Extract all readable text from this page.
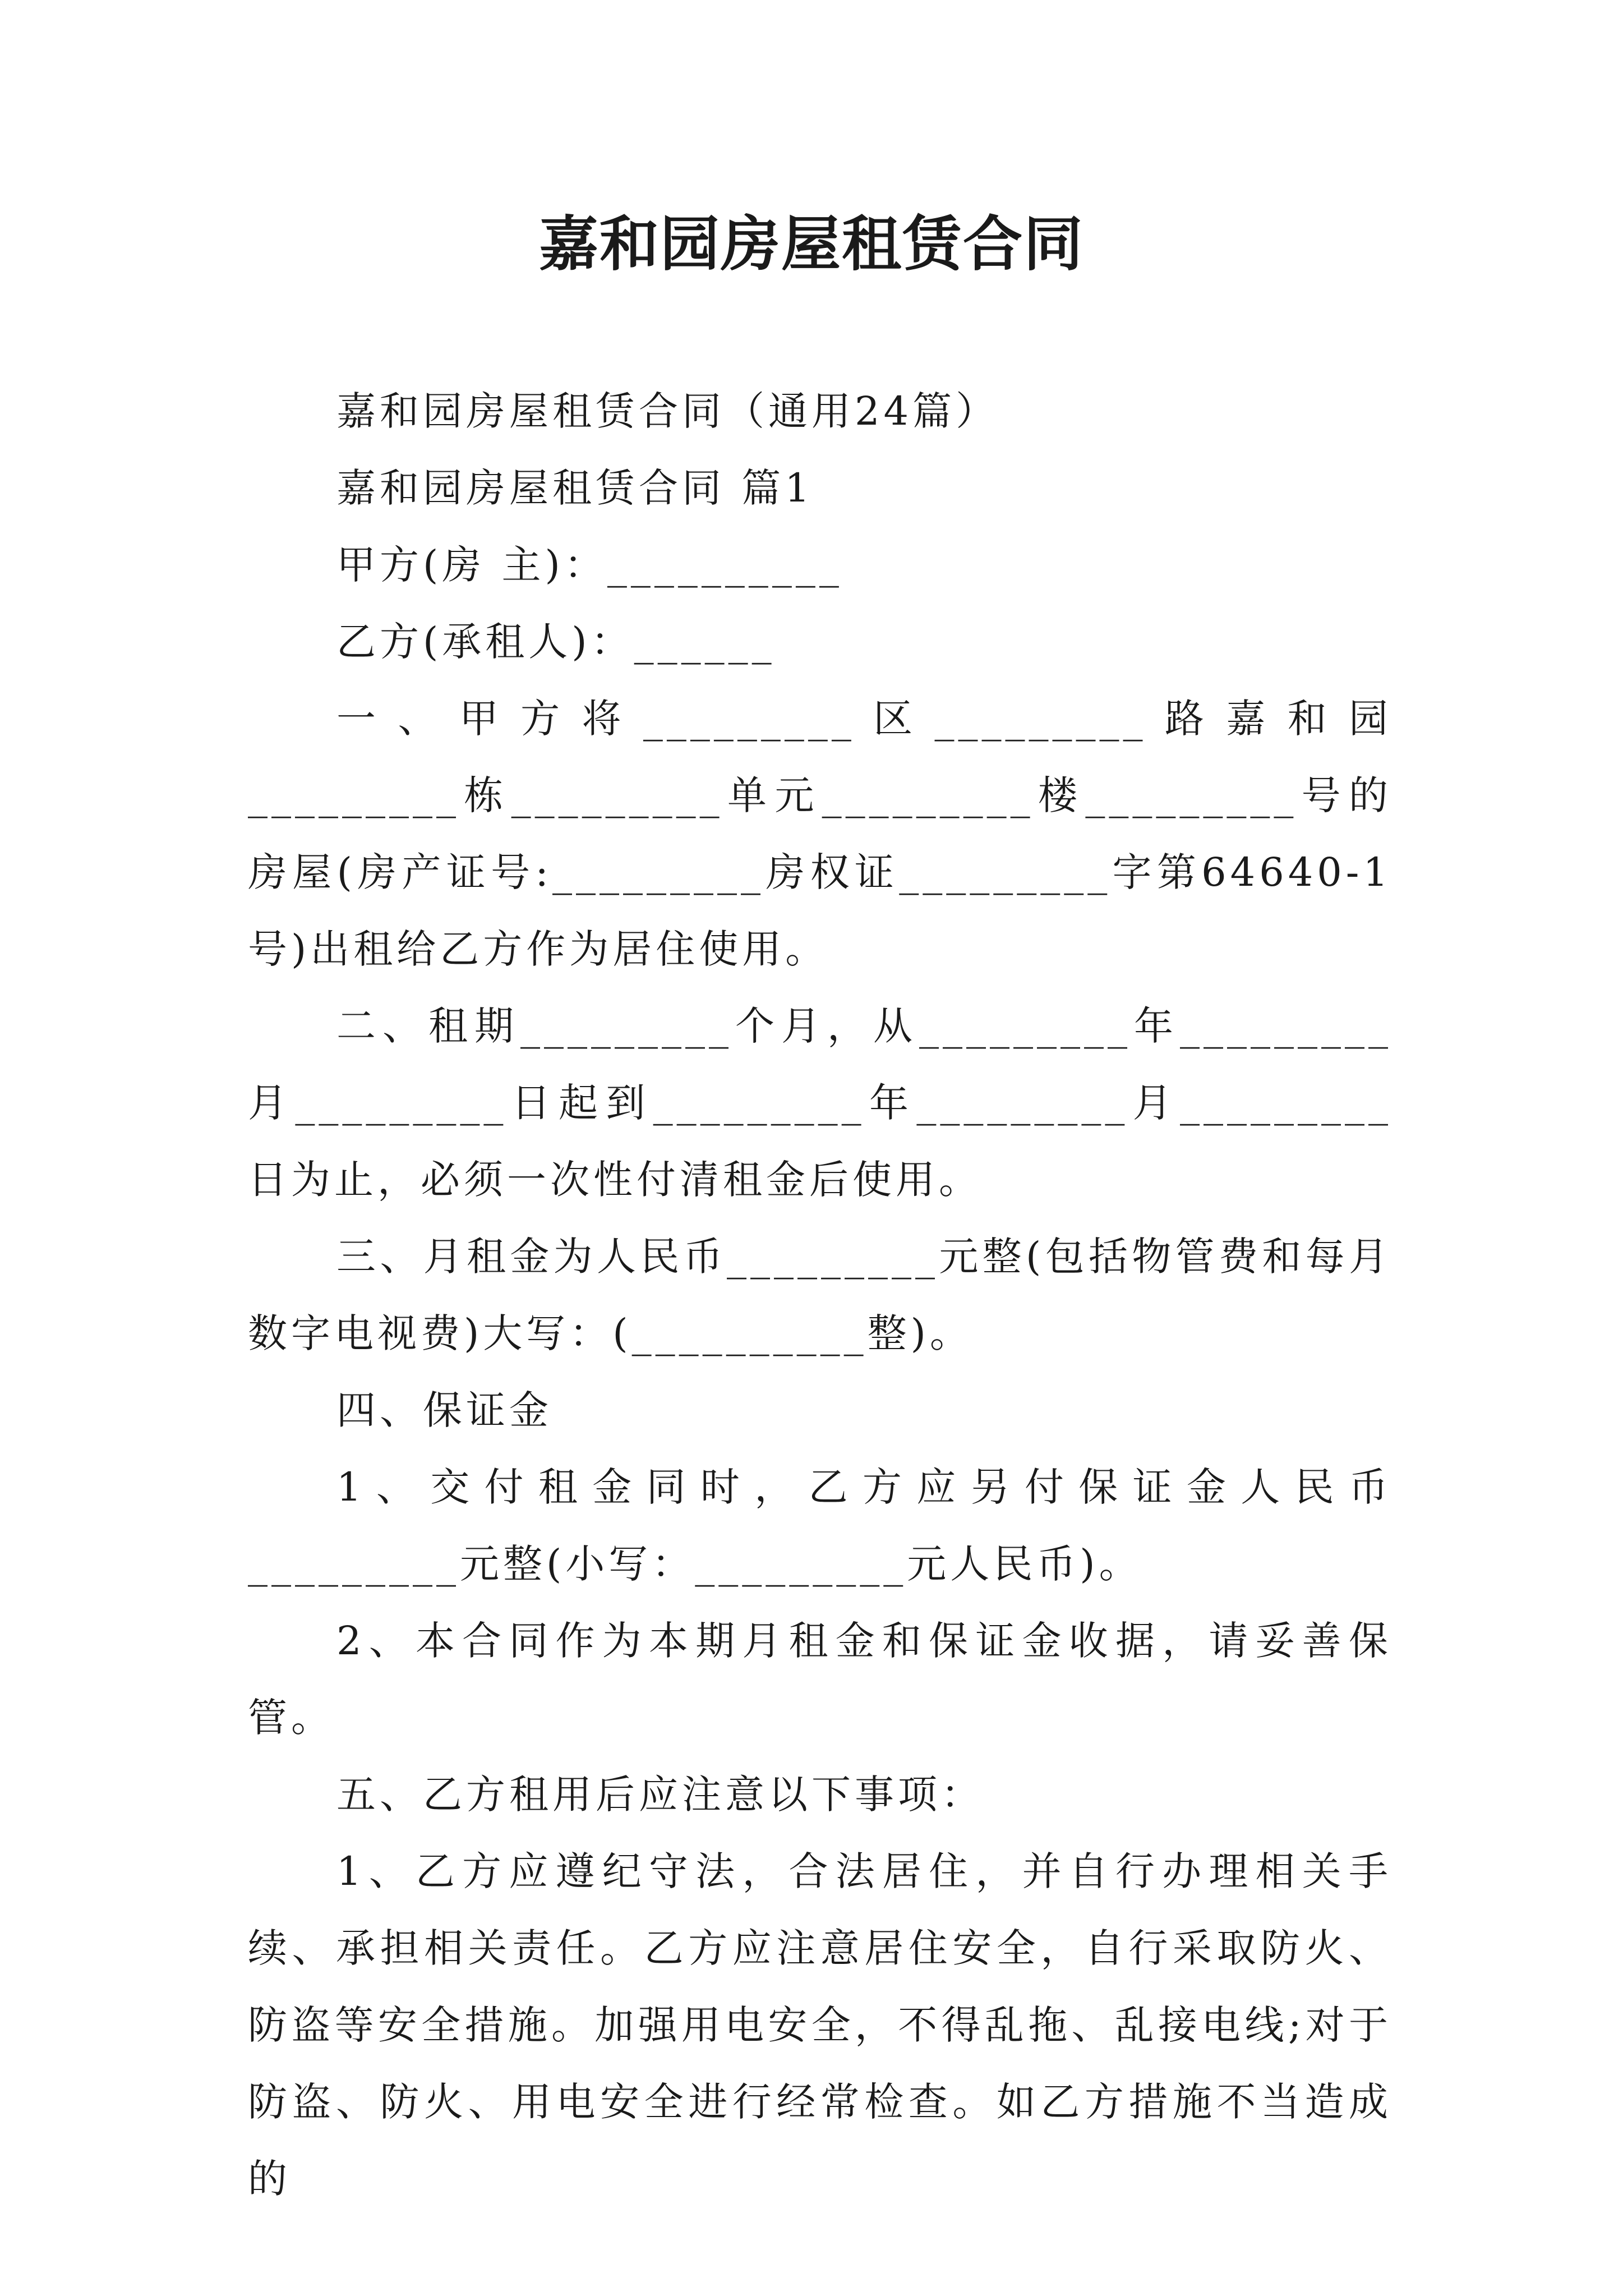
嘉和园房屋租赁合同

嘉和园房屋租赁合同（通用24篇）

嘉和园房屋租赁合同 篇1

甲方(房 主)：__________

乙方(承租人)：______

一、甲方将_________区_________路嘉和园_________栋_________单元_________楼_________号的房屋(房产证号:_________房权证_________字第64640-1号)出租给乙方作为居住使用。

二、租期_________个月，从_________年_________月_________日起到_________年_________月_________日为止，必须一次性付清租金后使用。

三、月租金为人民币_________元整(包括物管费和每月数字电视费)大写：(__________整)。

四、保证金

1、交付租金同时，乙方应另付保证金人民币_________元整(小写：_________元人民币)。

2、本合同作为本期月租金和保证金收据，请妥善保管。

五、乙方租用后应注意以下事项：

1、乙方应遵纪守法，合法居住，并自行办理相关手续、承担相关责任。乙方应注意居住安全，自行采取防火、防盗等安全措施。加强用电安全，不得乱拖、乱接电线;对于防盗、防火、用电安全进行经常检查。如乙方措施不当造成的
